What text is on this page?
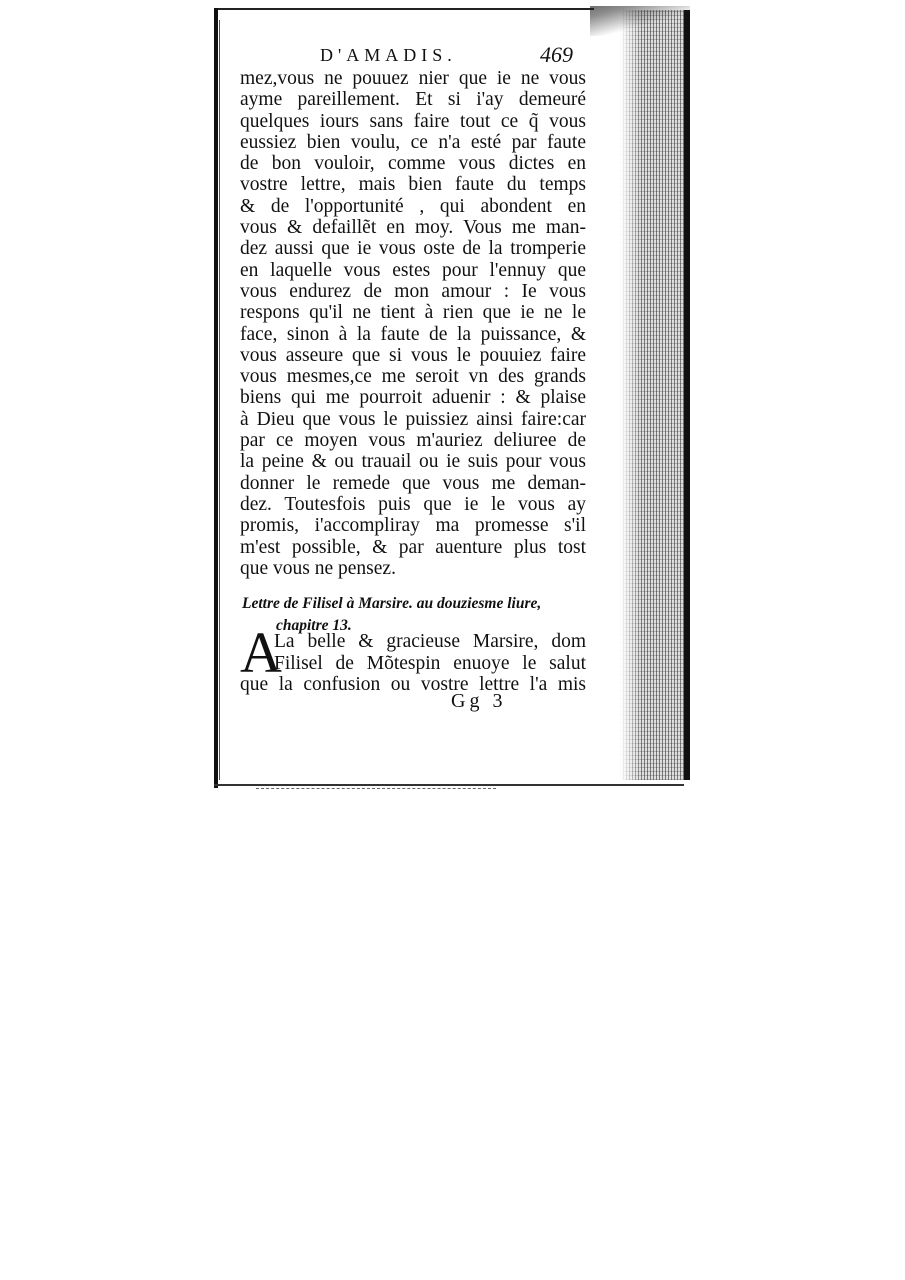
D'AMADIS.	469
mez,vous ne pouuez nier que ie ne vous
ayme pareillement. Et si i'ay demeuré
quelques iours sans faire tout ce q̃ vous
eussiez bien voulu, ce n'a esté par faute
de bon vouloir, comme vous dictes en
vostre lettre, mais bien faute du temps
& de l'opportunité , qui abondent en
vous & defaillẽt en moy. Vous me man-
dez aussi que ie vous oste de la tromperie
en laquelle vous estes pour l'ennuy que
vous endurez de mon amour : Ie vous
respons qu'il ne tient à rien que ie ne le
face, sinon à la faute de la puissance, &
vous asseure que si vous le pouuiez faire
vous mesmes,ce me seroit vn des grands
biens qui me pourroit aduenir : & plaise
à Dieu que vous le puissiez ainsi faire:car
par ce moyen vous m'auriez deliuree de
la peine & ou trauail ou ie suis pour vous
donner le remede que vous me deman-
dez. Toutesfois puis que ie le vous ay
promis, i'accompliray ma promesse s'il
m'est possible, & par auenture plus tost
que vous ne pensez.
Lettre de Filisel à Marsire. au douziesme liure,
chapitre 13.
A
La belle & gracieuse Marsire, dom
Filisel de Mõtespin enuoye le salut
que la confusion ou vostre lettre l'a mis
Gg 3
